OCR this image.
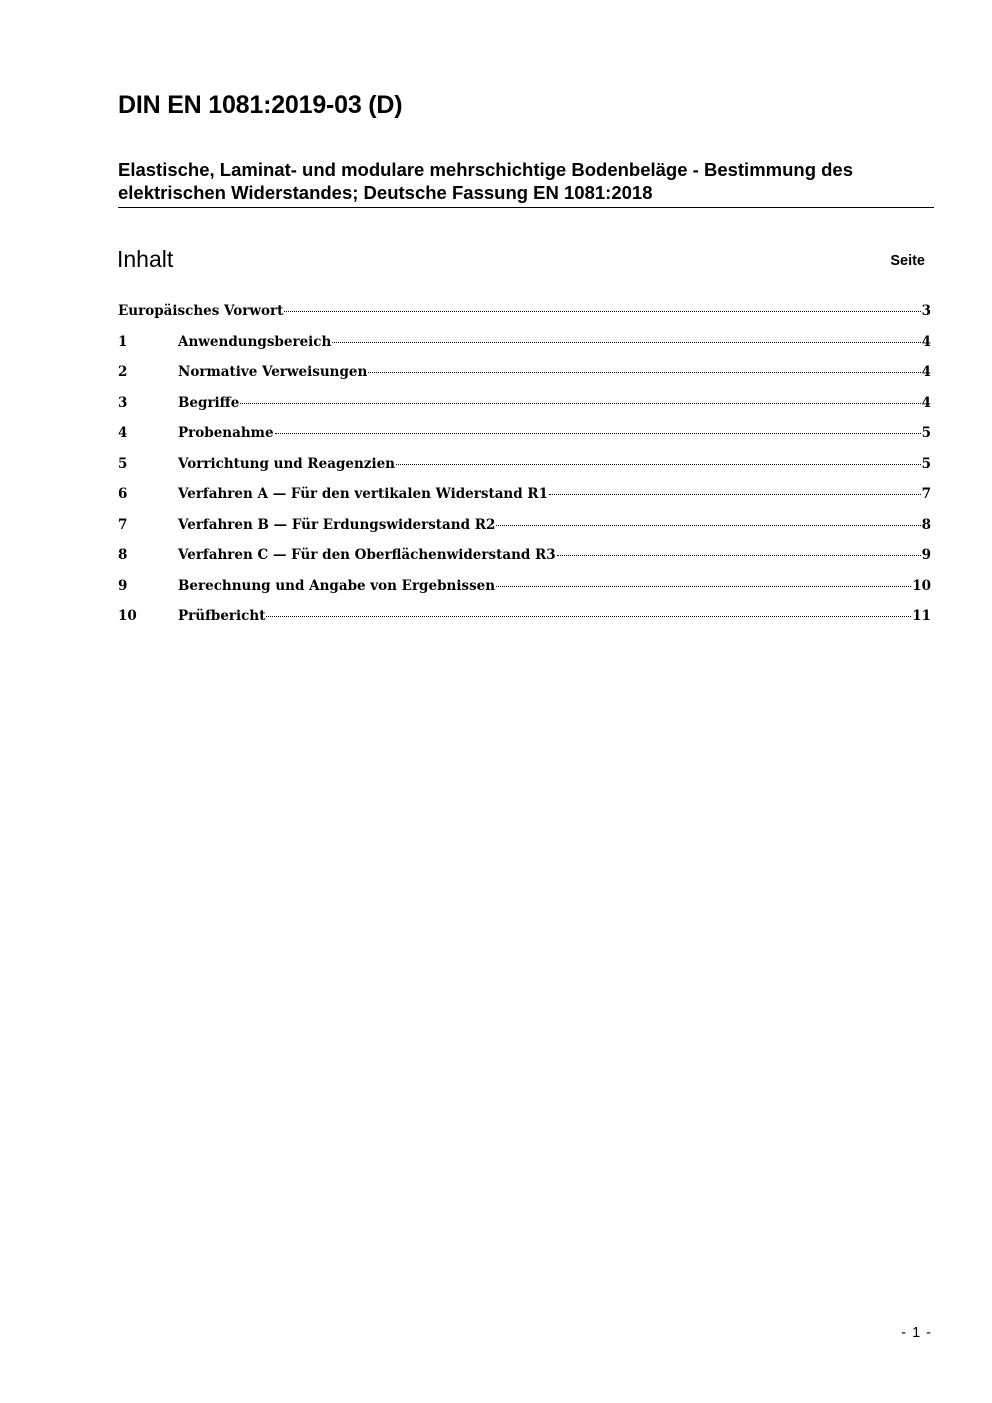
DIN EN 1081:2019-03 (D)
Elastische, Laminat- und modulare mehrschichtige Bodenbeläge - Bestimmung des
elektrischen Widerstandes; Deutsche Fassung EN 1081:2018
Inhalt	Seite
Europäisches Vorwort	3
1	Anwendungsbereich	4
2	Normative Verweisungen	4
3	Begriffe	4
4	Probenahme	5
5	Vorrichtung und Reagenzien	5
6	Verfahren A — Für den vertikalen Widerstand R1	7
7	Verfahren B — Für Erdungswiderstand R2	8
8	Verfahren C — Für den Oberflächenwiderstand R3	9
9	Berechnung und Angabe von Ergebnissen	10
10	Prüfbericht	11
- 1 -
